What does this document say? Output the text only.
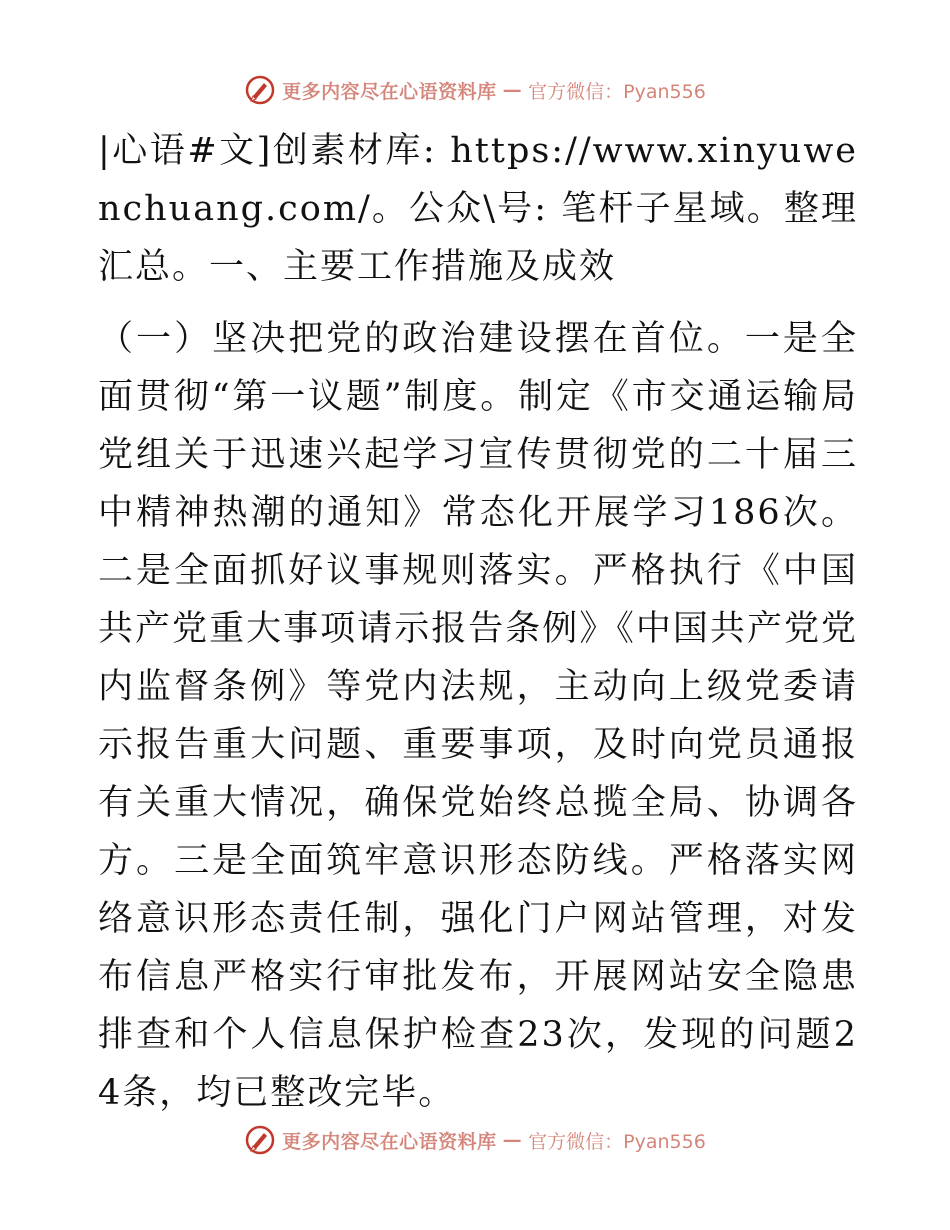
更多内容尽在心语资料库 — 官方微信：Pyan556

|心语#文]创素材库: https://www.xinyuwenchuang.com/。公众\号: 笔杆子星域。整理汇总。一、主要工作措施及成效

（一）坚决把党的政治建设摆在首位。一是全面贯彻“第一议题”制度。制定《市交通运输局党组关于迅速兴起学习宣传贯彻党的二十届三中精神热潮的通知》常态化开展学习186次。二是全面抓好议事规则落实。严格执行《中国共产党重大事项请示报告条例》《中国共产党党内监督条例》等党内法规，主动向上级党委请示报告重大问题、重要事项，及时向党员通报有关重大情况，确保党始终总揽全局、协调各方。三是全面筑牢意识形态防线。严格落实网络意识形态责任制，强化门户网站管理，对发布信息严格实行审批发布，开展网站安全隐患排查和个人信息保护检查23次，发现的问题24条，均已整改完毕。

更多内容尽在心语资料库 — 官方微信：Pyan556
